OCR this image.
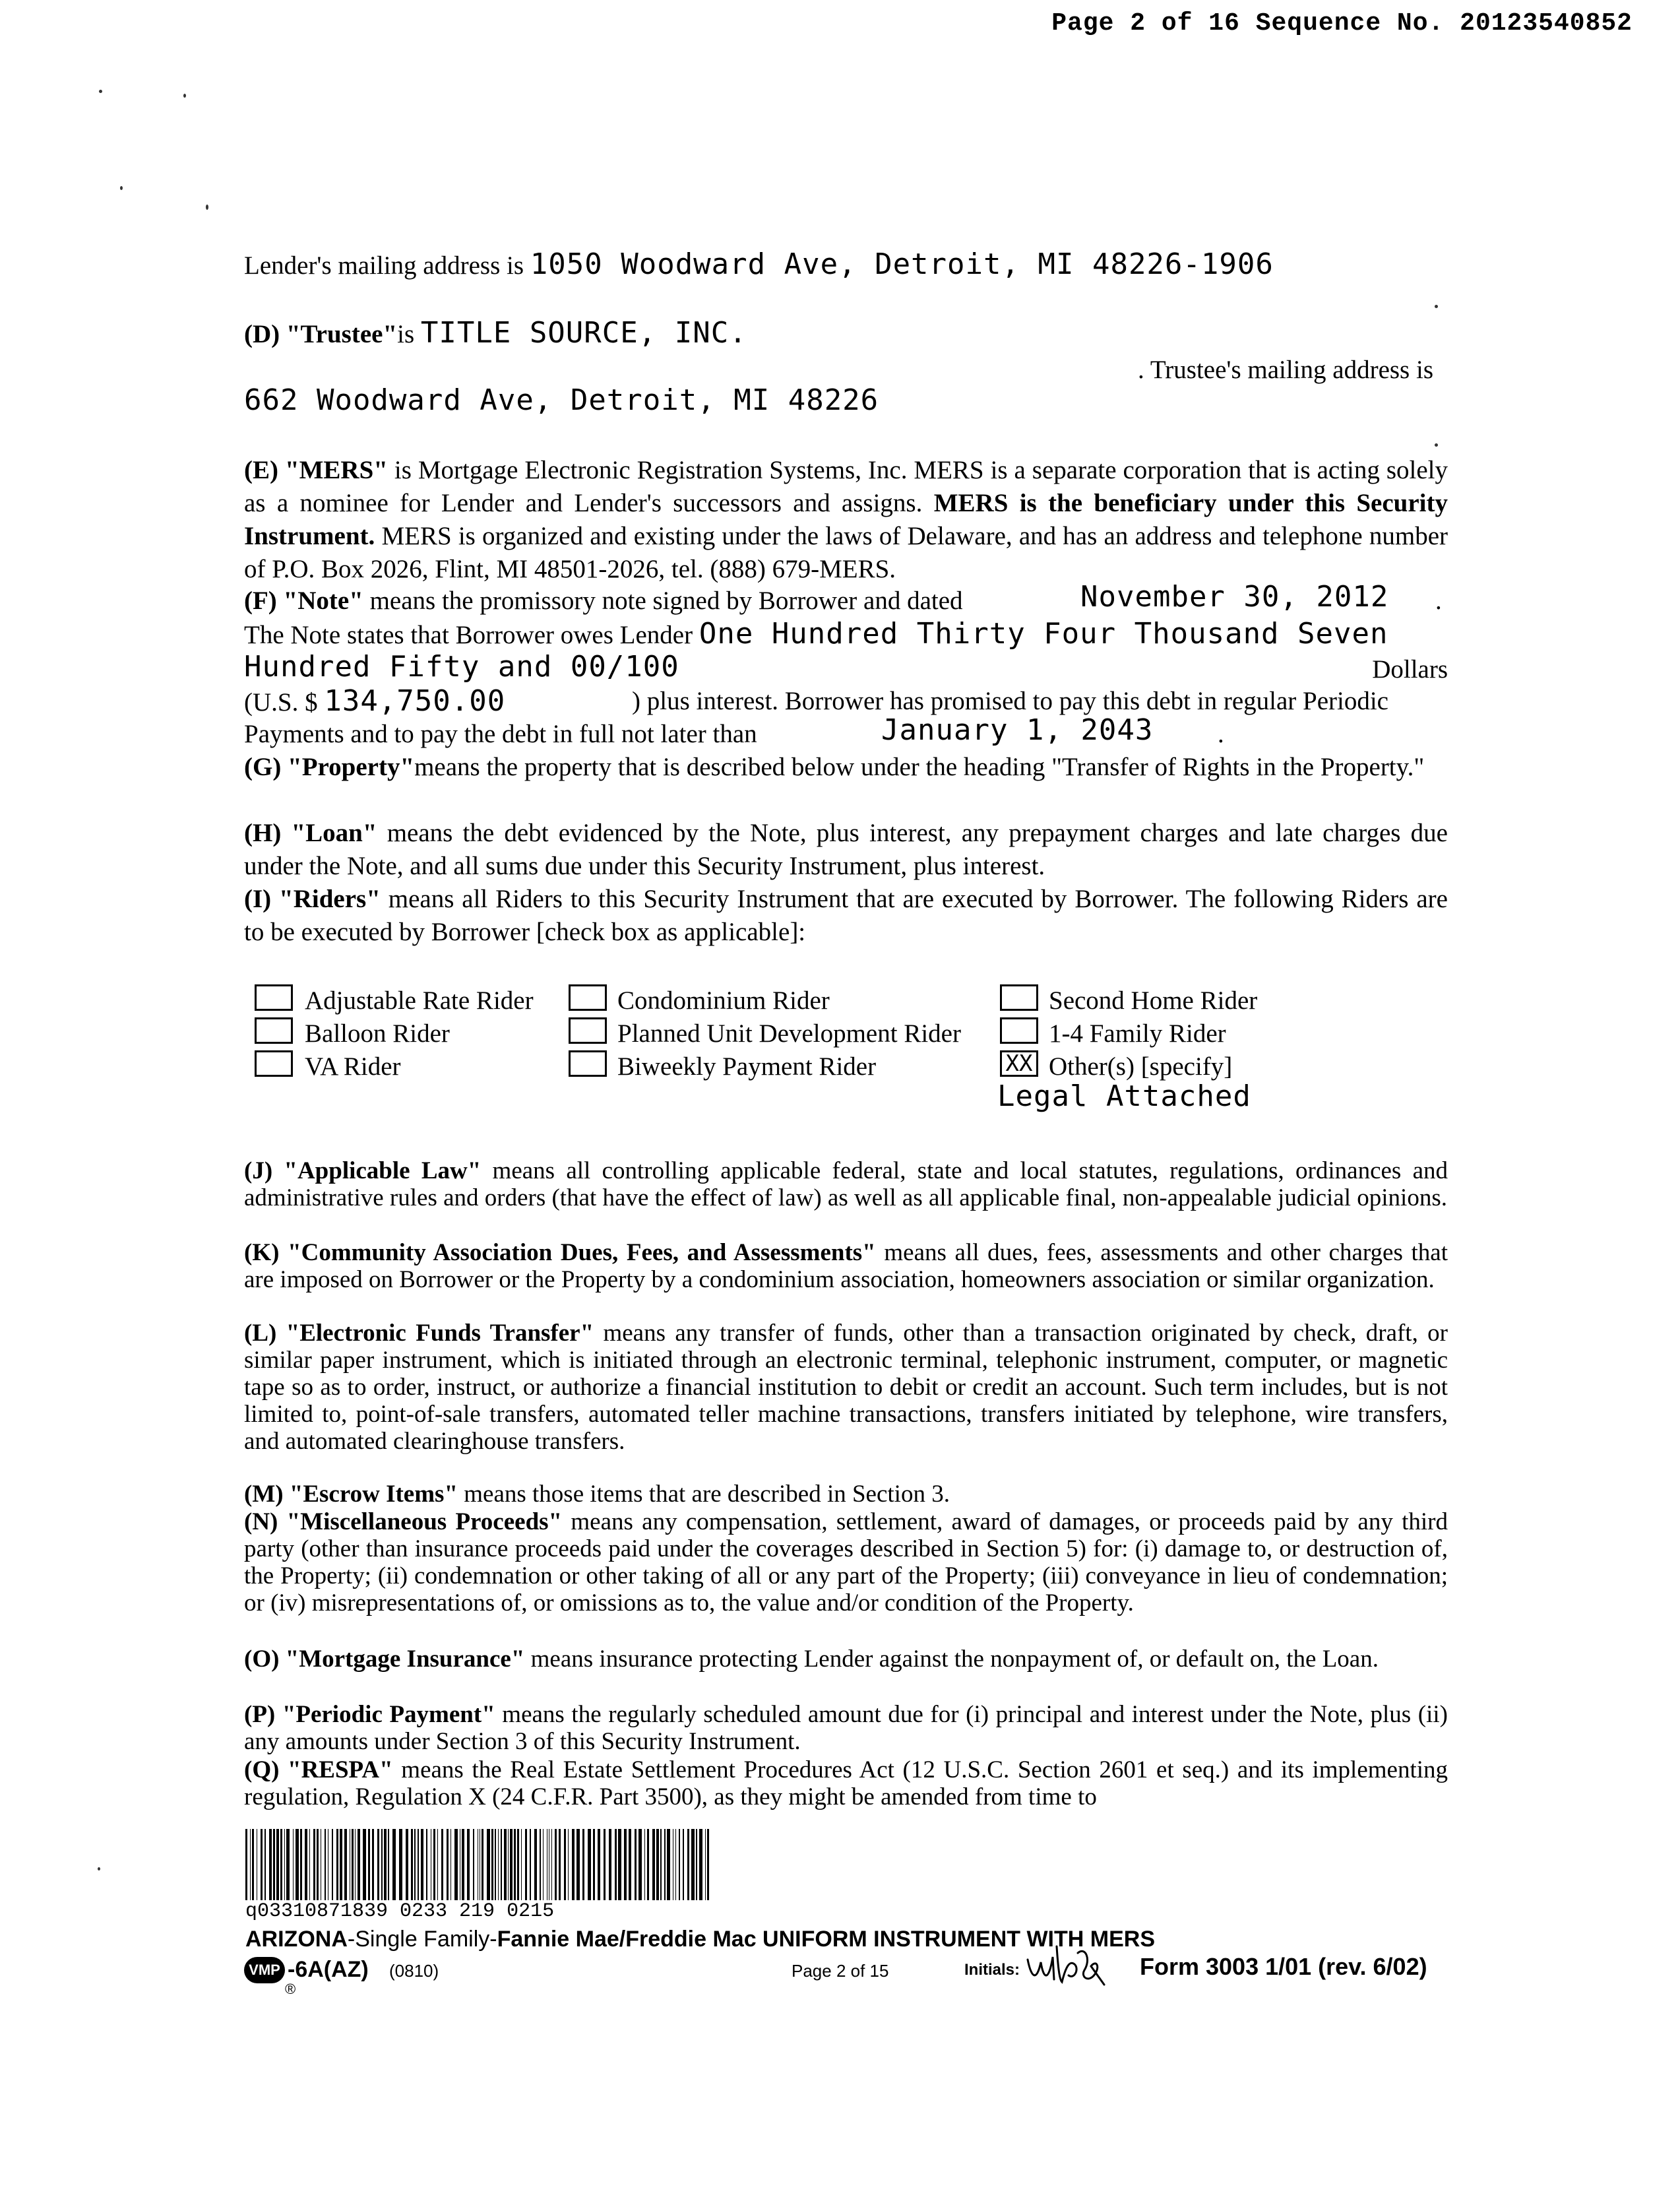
Page 2 of 16 Sequence No. 20123540852
Lender's mailing address is 1050 Woodward Ave, Detroit, MI 48226-1906
(D) "Trustee"is TITLE SOURCE, INC.
. Trustee's mailing address is
662 Woodward Ave, Detroit, MI 48226
(E) "MERS" is Mortgage Electronic Registration Systems, Inc. MERS is a separate corporation that is acting solely as a nominee for Lender and Lender's successors and assigns. MERS is the beneficiary under this Security Instrument. MERS is organized and existing under the laws of Delaware, and has an address and telephone number of P.O. Box 2026, Flint, MI 48501-2026, tel. (888) 679-MERS.
(F) "Note" means the promissory note signed by Borrower and dated	November 30, 2012 .
The Note states that Borrower owes Lender One Hundred Thirty Four Thousand Seven
Hundred Fifty and 00/100	Dollars
(U.S. $ 134,750.00	) plus interest. Borrower has promised to pay this debt in regular Periodic
Payments and to pay the debt in full not later than	January 1, 2043	.
(G) "Property"means the property that is described below under the heading "Transfer of Rights in the Property."
(H) "Loan" means the debt evidenced by the Note, plus interest, any prepayment charges and late charges due under the Note, and all sums due under this Security Instrument, plus interest.
(I) "Riders" means all Riders to this Security Instrument that are executed by Borrower. The following Riders are to be executed by Borrower [check box as applicable]:
Adjustable Rate Rider
Balloon Rider
VA Rider
Condominium Rider
Planned Unit Development Rider
Biweekly Payment Rider
Second Home Rider
1-4 Family Rider
XX Other(s) [specify]
Legal Attached
(J) "Applicable Law" means all controlling applicable federal, state and local statutes, regulations, ordinances and administrative rules and orders (that have the effect of law) as well as all applicable final, non-appealable judicial opinions.
(K) "Community Association Dues, Fees, and Assessments" means all dues, fees, assessments and other charges that are imposed on Borrower or the Property by a condominium association, homeowners association or similar organization.
(L) "Electronic Funds Transfer" means any transfer of funds, other than a transaction originated by check, draft, or similar paper instrument, which is initiated through an electronic terminal, telephonic instrument, computer, or magnetic tape so as to order, instruct, or authorize a financial institution to debit or credit an account. Such term includes, but is not limited to, point-of-sale transfers, automated teller machine transactions, transfers initiated by telephone, wire transfers, and automated clearinghouse transfers.
(M) "Escrow Items" means those items that are described in Section 3.
(N) "Miscellaneous Proceeds" means any compensation, settlement, award of damages, or proceeds paid by any third party (other than insurance proceeds paid under the coverages described in Section 5) for: (i) damage to, or destruction of, the Property; (ii) condemnation or other taking of all or any part of the Property; (iii) conveyance in lieu of condemnation; or (iv) misrepresentations of, or omissions as to, the value and/or condition of the Property.
(O) "Mortgage Insurance" means insurance protecting Lender against the nonpayment of, or default on, the Loan.
(P) "Periodic Payment" means the regularly scheduled amount due for (i) principal and interest under the Note, plus (ii) any amounts under Section 3 of this Security Instrument.
(Q) "RESPA" means the Real Estate Settlement Procedures Act (12 U.S.C. Section 2601 et seq.) and its implementing regulation, Regulation X (24 C.F.R. Part 3500), as they might be amended from time to
q03310871839 0233 219 0215
ARIZONA-Single Family-Fannie Mae/Freddie Mac UNIFORM INSTRUMENT WITH MERS
VMP -6A(AZ) (0810)
®
Page 2 of 15	Initials:	Form 3003 1/01 (rev. 6/02)
